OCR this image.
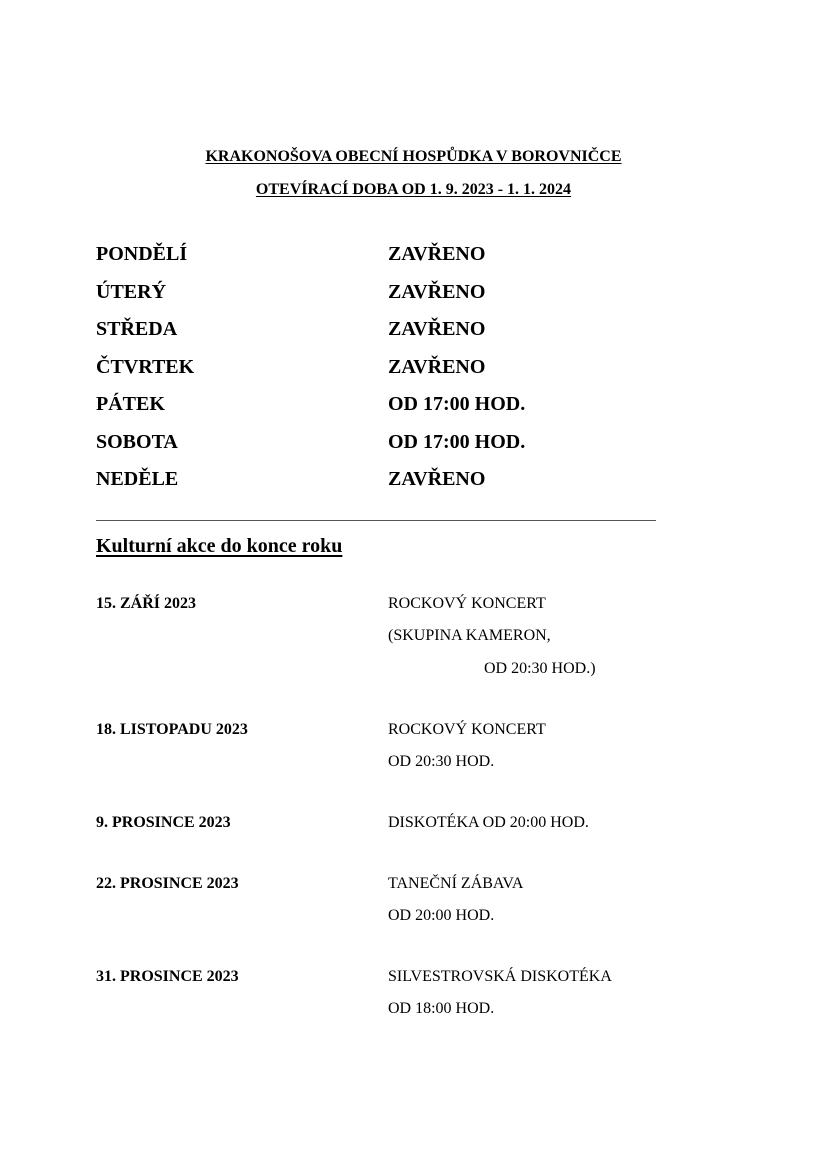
KRAKONOŠOVA OBECNÍ HOSPŮDKA V BOROVNIČCE
OTEVÍRACÍ DOBA OD 1. 9. 2023 - 1. 1. 2024
PONDĚLÍ	ZAVŘENO
ÚTERÝ	ZAVŘENO
STŘEDA	ZAVŘENO
ČTVRTEK	ZAVŘENO
PÁTEK	OD 17:00 HOD.
SOBOTA	OD 17:00 HOD.
NEDĚLE	ZAVŘENO
Kulturní akce do konce roku
15. ZÁŘÍ 2023	ROCKOVÝ KONCERT
(SKUPINA KAMERON,
OD 20:30 HOD.)
18. LISTOPADU 2023	ROCKOVÝ KONCERT
OD 20:30 HOD.
9. PROSINCE 2023	DISKOTÉKA OD 20:00 HOD.
22. PROSINCE 2023	TANEČNÍ ZÁBAVA
OD 20:00 HOD.
31. PROSINCE 2023	SILVESTROVSKÁ DISKOTÉKA
OD 18:00 HOD.
